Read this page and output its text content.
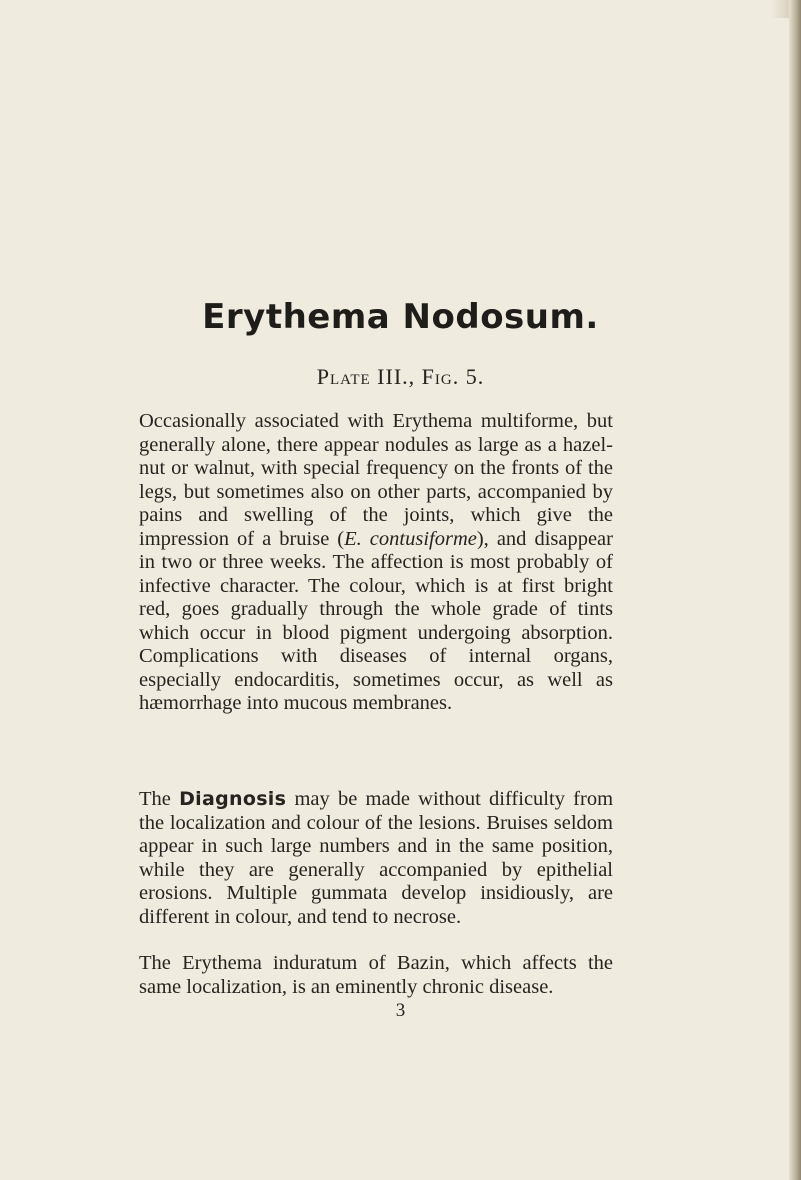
Erythema Nodosum.
Plate III., Fig. 5.
Occasionally associated with Erythema multiforme, but generally alone, there appear nodules as large as a hazel-nut or walnut, with special frequency on the fronts of the legs, but sometimes also on other parts, accompanied by pains and swelling of the joints, which give the impression of a bruise (E. contusiforme), and disappear in two or three weeks. The affection is most probably of infective character. The colour, which is at first bright red, goes gradually through the whole grade of tints which occur in blood pigment undergoing absorption. Complications with diseases of internal organs, especially endocarditis, sometimes occur, as well as hæmorrhage into mucous membranes.
The Diagnosis may be made without difficulty from the localization and colour of the lesions. Bruises seldom appear in such large numbers and in the same position, while they are generally accompanied by epithelial erosions. Multiple gummata develop insidiously, are different in colour, and tend to necrose.
The Erythema induratum of Bazin, which affects the same localization, is an eminently chronic disease.
3
